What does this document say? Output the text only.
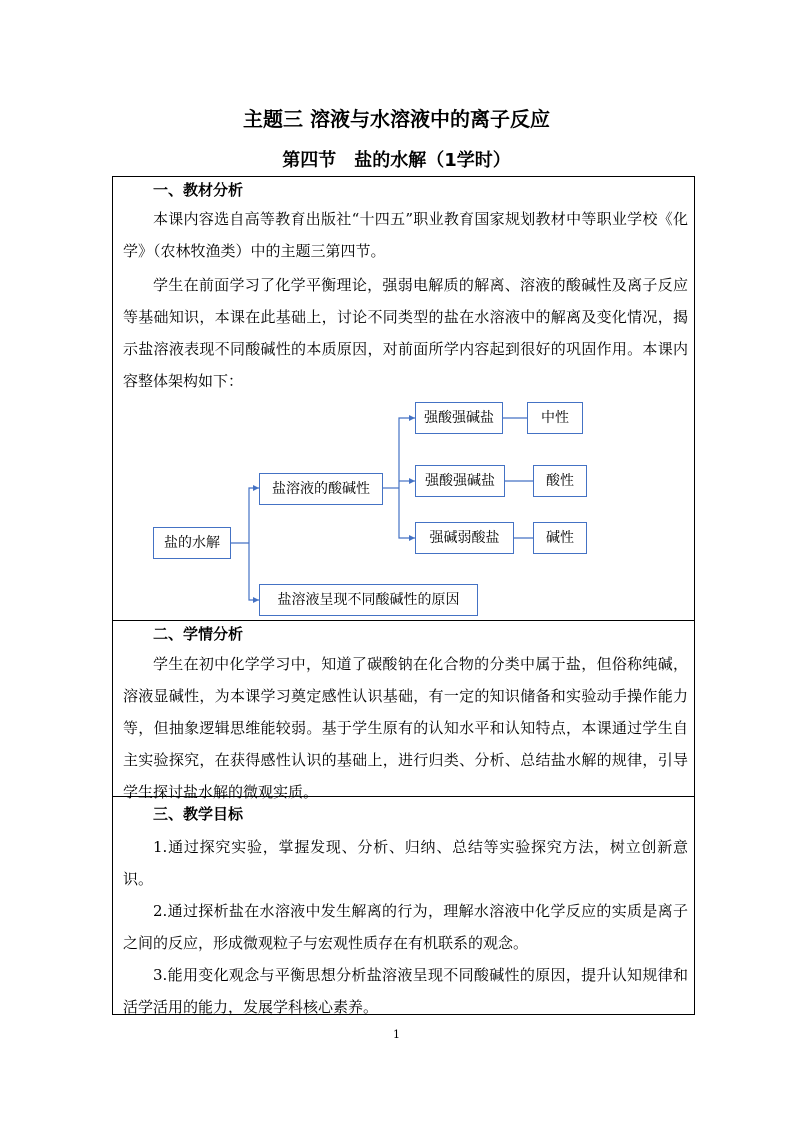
主题三 溶液与水溶液中的离子反应
第四节　盐的水解（1学时）
一、教材分析

本课内容选自高等教育出版社“十四五”职业教育国家规划教材中等职业学校《化学》（农林牧渔类）中的主题三第四节。

学生在前面学习了化学平衡理论，强弱电解质的解离、溶液的酸碱性及离子反应等基础知识，本课在此基础上，讨论不同类型的盐在水溶液中的解离及变化情况，揭示盐溶液表现不同酸碱性的本质原因，对前面所学内容起到很好的巩固作用。本课内容整体架构如下：

盐的水解
盐溶液的酸碱性
盐溶液呈现不同酸碱性的原因
强酸强碱盐
强酸强碱盐
强碱弱酸盐
中性
酸性
碱性
二、学情分析

学生在初中化学学习中，知道了碳酸钠在化合物的分类中属于盐，但俗称纯碱，溶液显碱性，为本课学习奠定感性认识基础，有一定的知识储备和实验动手操作能力等，但抽象逻辑思维能较弱。基于学生原有的认知水平和认知特点，本课通过学生自主实验探究，在获得感性认识的基础上，进行归类、分析、总结盐水解的规律，引导学生探讨盐水解的微观实质。

三、教学目标

1.通过探究实验，掌握发现、分析、归纳、总结等实验探究方法，树立创新意识。

2.通过探析盐在水溶液中发生解离的行为，理解水溶液中化学反应的实质是离子之间的反应，形成微观粒子与宏观性质存在有机联系的观念。

3.能用变化观念与平衡思想分析盐溶液呈现不同酸碱性的原因，提升认知规律和活学活用的能力，发展学科核心素养。

1
